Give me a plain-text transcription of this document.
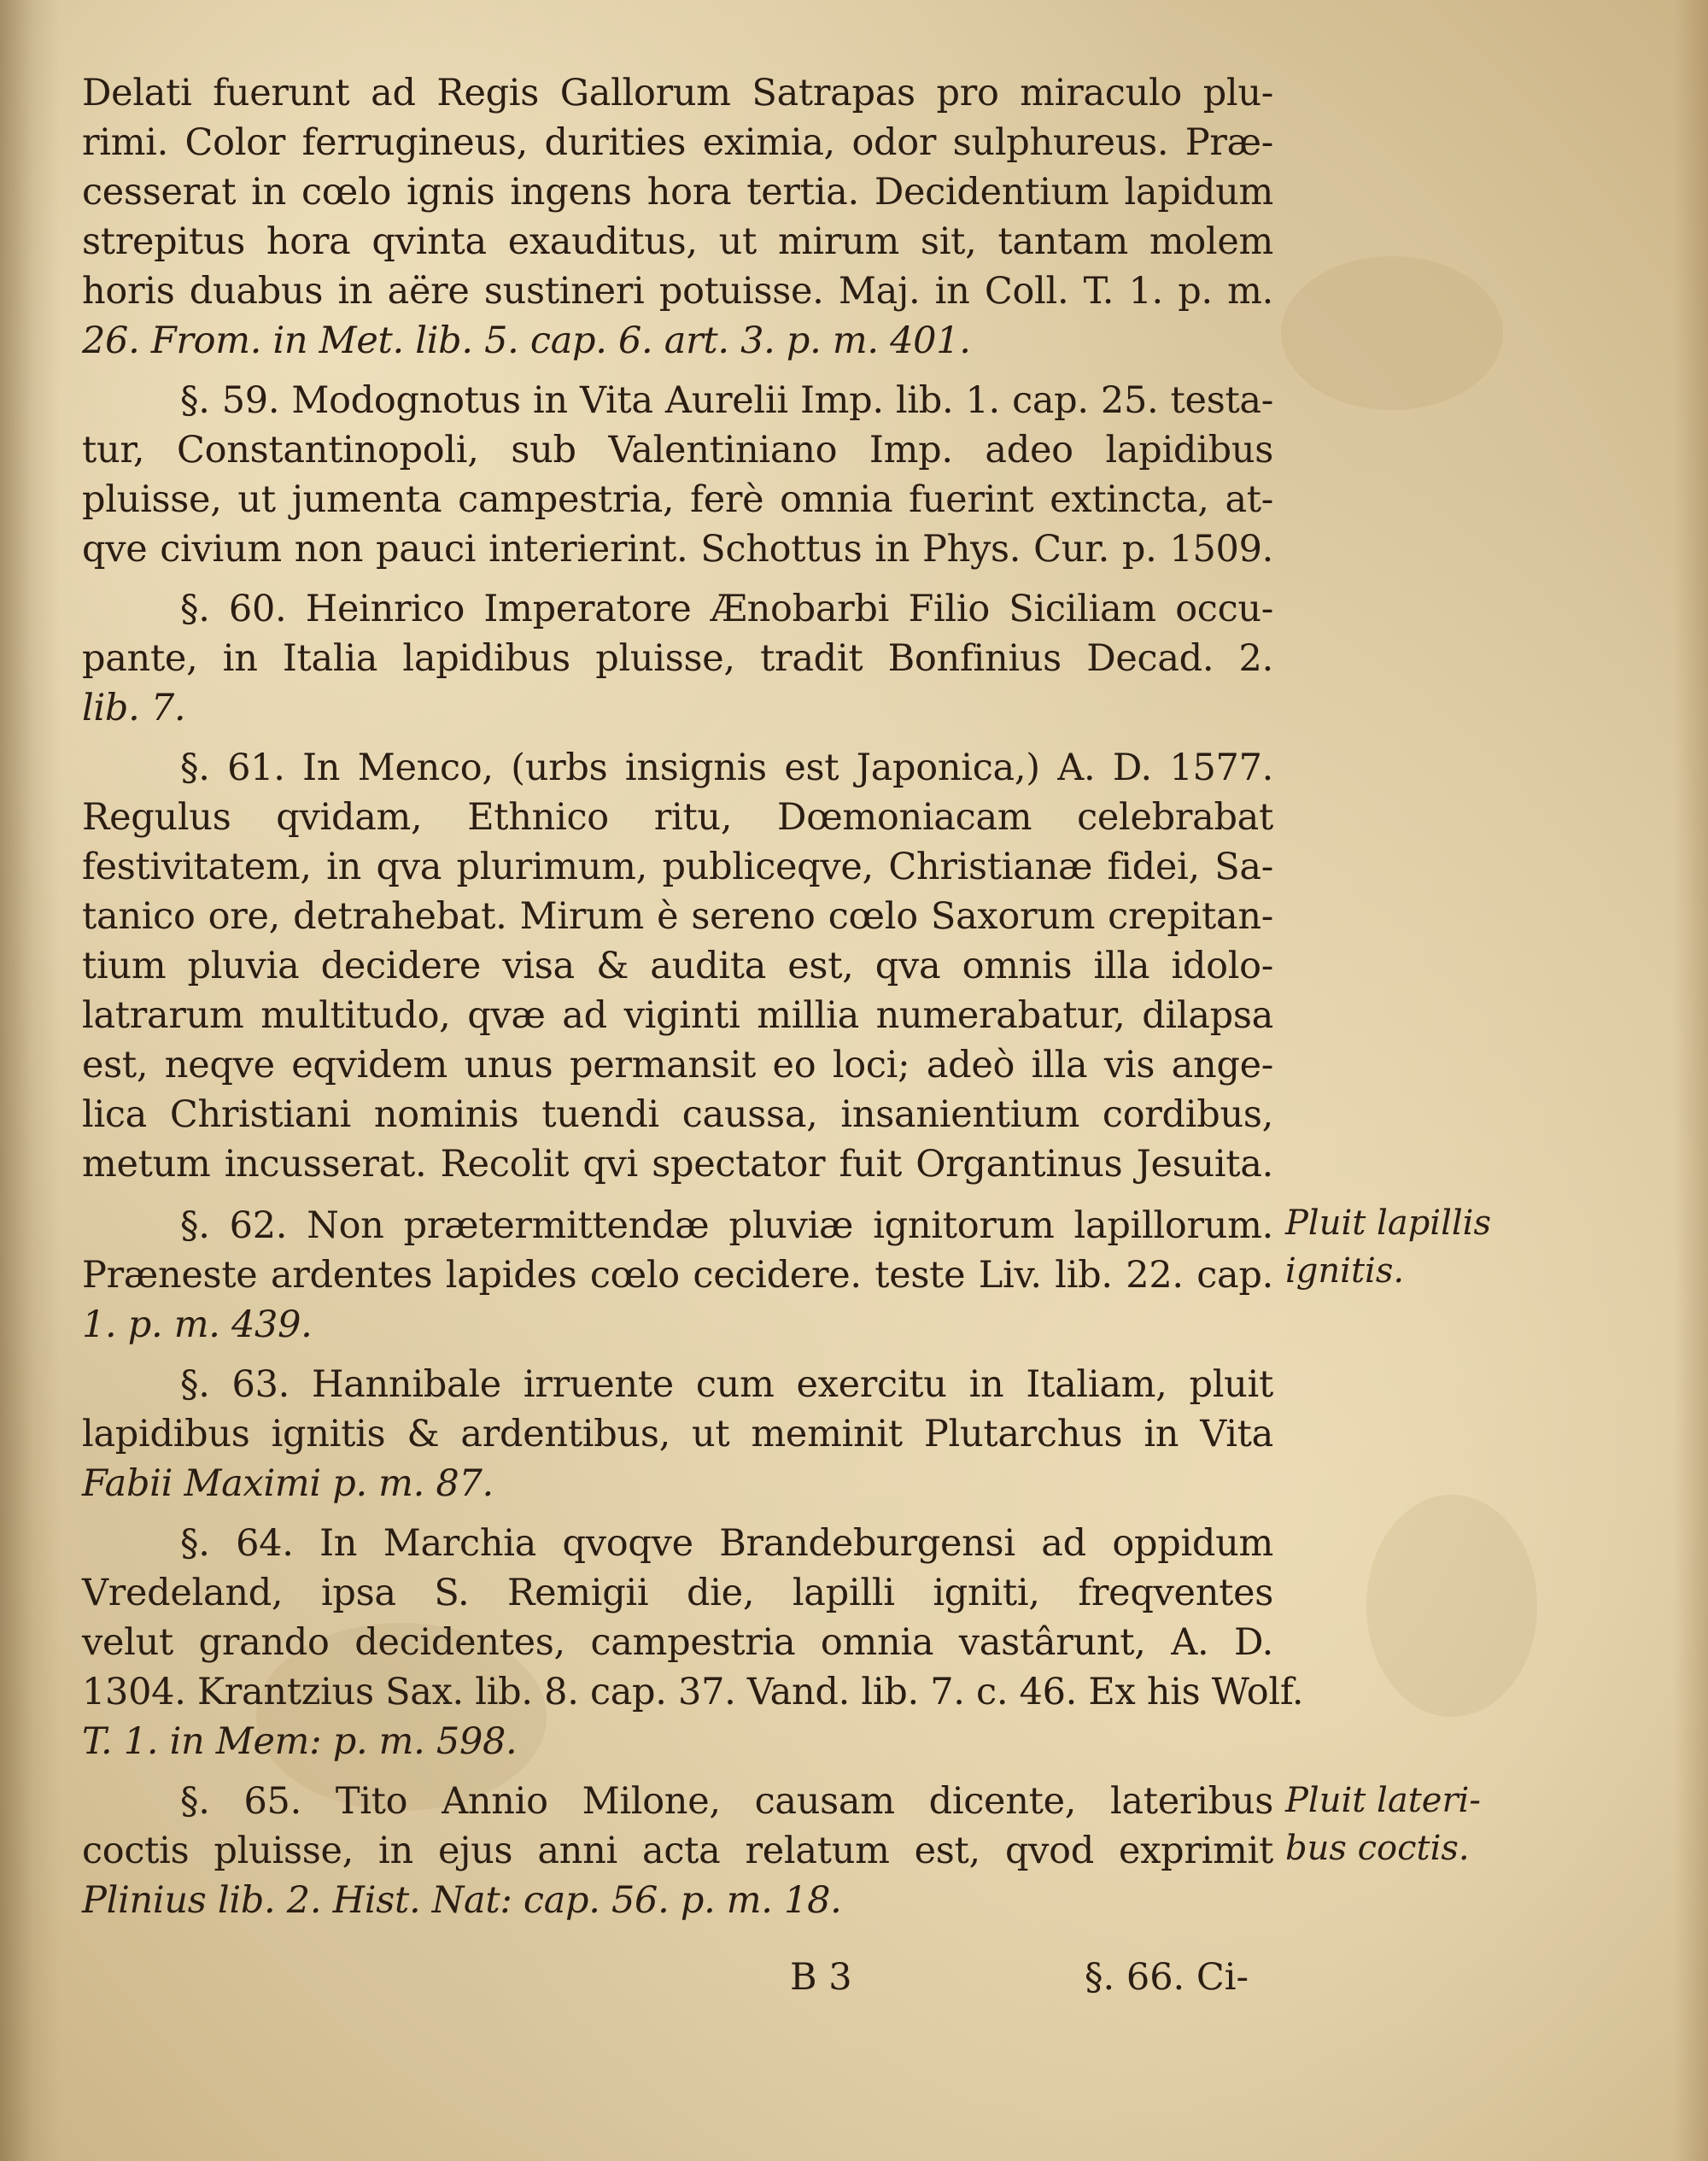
Delati fuerunt ad Regis Gallorum Satrapas pro miraculo plu-
rimi. Color ferrugineus, durities eximia, odor sulphureus. Præ-
cesserat in cœlo ignis ingens hora tertia. Decidentium lapidum
strepitus hora qvinta exauditus, ut mirum sit, tantam molem
horis duabus in aëre sustineri potuisse. Maj. in Coll. T. 1. p. m.
26. From. in Met. lib. 5. cap. 6. art. 3. p. m. 401.
§. 59. Modognotus in Vita Aurelii Imp. lib. 1. cap. 25. testa-
tur, Constantinopoli, sub Valentiniano Imp. adeo lapidibus
pluisse, ut jumenta campestria, ferè omnia fuerint extincta, at-
qve civium non pauci interierint. Schottus in Phys. Cur. p. 1509.
§. 60. Heinrico Imperatore Ænobarbi Filio Siciliam occu-
pante, in Italia lapidibus pluisse, tradit Bonfinius Decad. 2.
lib. 7.
§. 61. In Menco, (urbs insignis est Japonica,) A. D. 1577.
Regulus qvidam, Ethnico ritu, Dœmoniacam celebrabat
festivitatem, in qva plurimum, publiceqve, Christianæ fidei, Sa-
tanico ore, detrahebat. Mirum è sereno cœlo Saxorum crepitan-
tium pluvia decidere visa & audita est, qva omnis illa idolo-
latrarum multitudo, qvæ ad viginti millia numerabatur, dilapsa
est, neqve eqvidem unus permansit eo loci; adeò illa vis ange-
lica Christiani nominis tuendi caussa, insanientium cordibus,
metum incusserat. Recolit qvi spectator fuit Organtinus Jesuita.
§. 62. Non prætermittendæ pluviæ ignitorum lapillorum.
Præneste ardentes lapides cœlo cecidere. teste Liv. lib. 22. cap.
1. p. m. 439.
§. 63. Hannibale irruente cum exercitu in Italiam, pluit
lapidibus ignitis & ardentibus, ut meminit Plutarchus in Vita
Fabii Maximi p. m. 87.
§. 64. In Marchia qvoqve Brandeburgensi ad oppidum
Vredeland, ipsa S. Remigii die, lapilli igniti, freqventes
velut grando decidentes, campestria omnia vastârunt, A. D.
1304. Krantzius Sax. lib. 8. cap. 37. Vand. lib. 7. c. 46. Ex his Wolf.
T. 1. in Mem: p. m. 598.
§. 65. Tito Annio Milone, causam dicente, lateribus
coctis pluisse, in ejus anni acta relatum est, qvod exprimit
Plinius lib. 2. Hist. Nat: cap. 56. p. m. 18.
Pluit lapillis
ignitis.
Pluit lateri-
bus coctis.
B 3	§. 66. Ci-
